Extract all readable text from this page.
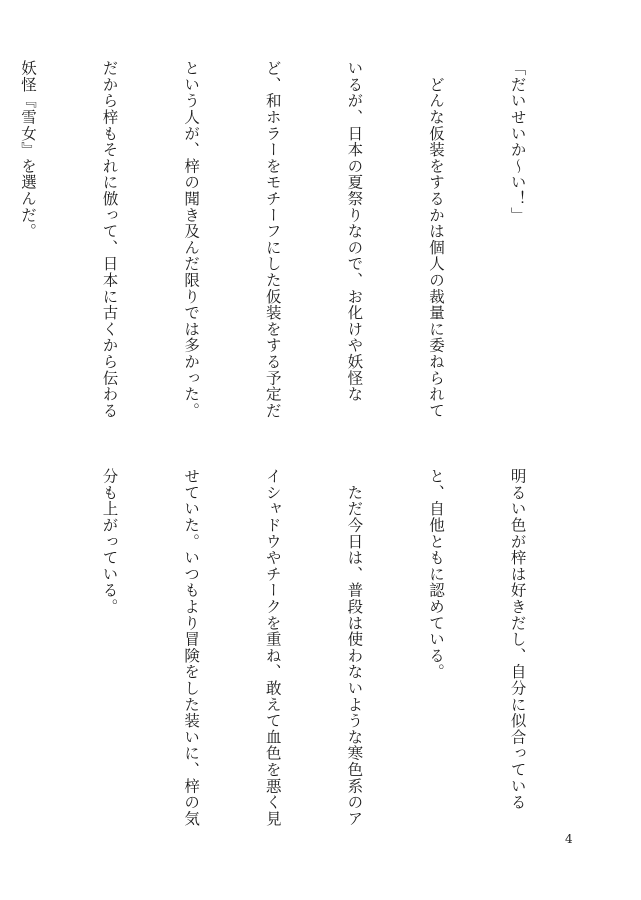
「だいせいか～い！」

　どんな仮装をするかは個人の裁量に委ねられて

いるが、日本の夏祭りなので、お化けや妖怪な

ど、和ホラーをモチーフにした仮装をする予定だ

という人が、梓の聞き及んだ限りでは多かった。

だから梓もそれに倣って、日本に古くから伝わる

妖怪『雪女』を選んだ。

明るい色が梓は好きだし、自分に似合っている

と、自他ともに認めている。

　ただ今日は、普段は使わないような寒色系のア

イシャドウやチークを重ね、敢えて血色を悪く見

せていた。いつもより冒険をした装いに、梓の気

分も上がっている。

4
